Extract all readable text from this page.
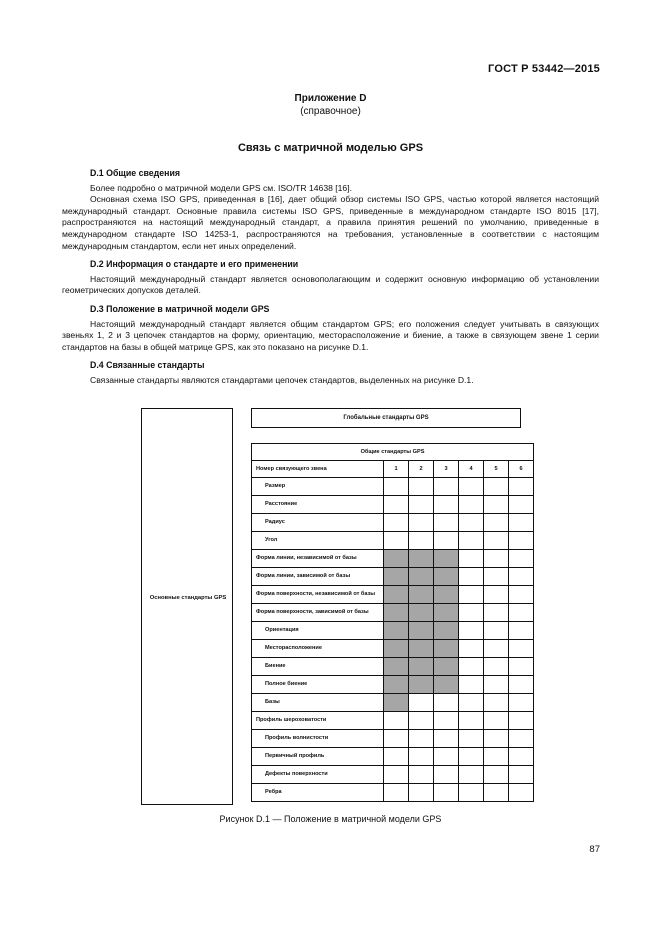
ГОСТ Р 53442—2015
Приложение D
(справочное)
Связь с матричной моделью GPS
D.1 Общие сведения

Более подробно о матричной модели GPS см. ISO/TR 14638 [16].

Основная схема ISO GPS, приведенная в [16], дает общий обзор системы ISO GPS, частью которой является настоящий международный стандарт. Основные правила системы ISO GPS, приведенные в международном стандарте ISO 8015 [17], распространяются на настоящий международный стандарт, а правила принятия решений по умолчанию, приведенные в международном стандарте ISO 14253-1, распространяются на требования, установленные в соответствии с настоящим международным стандартом, если нет иных определений.

D.2 Информация о стандарте и его применении

Настоящий международный стандарт является основополагающим и содержит основную информацию об установлении геометрических допусков деталей.

D.3 Положение в матричной модели GPS

Настоящий международный стандарт является общим стандартом GPS; его положения следует учитывать в связующих звеньях 1, 2 и 3 цепочек стандартов на форму, ориентацию, месторасположение и биение, а также в связующем звене 1 серии стандартов на базы в общей матрице GPS, как это показано на рисунке D.1.

D.4 Связанные стандарты

Связанные стандарты являются стандартами цепочек стандартов, выделенных на рисунке D.1.

Основные стандарты GPS
Глобальные стандарты GPS
Общие стандарты GPS						
Номер связующего звена	1	2	3	4	5	6
Размер						
Расстояние						
Радиус						
Угол						
Форма линии, независимой от базы						
Форма линии, зависимой от базы						
Форма поверхности, независимой от базы						
Форма поверхности, зависимой от базы						
Ориентация						
Месторасположение						
Биение						
Полное биение						
Базы						
Профиль шероховатости						
Профиль волнистости						
Первичный профиль						
Дефекты поверхности						
Ребра						
Рисунок D.1 — Положение в матричной модели GPS
87
